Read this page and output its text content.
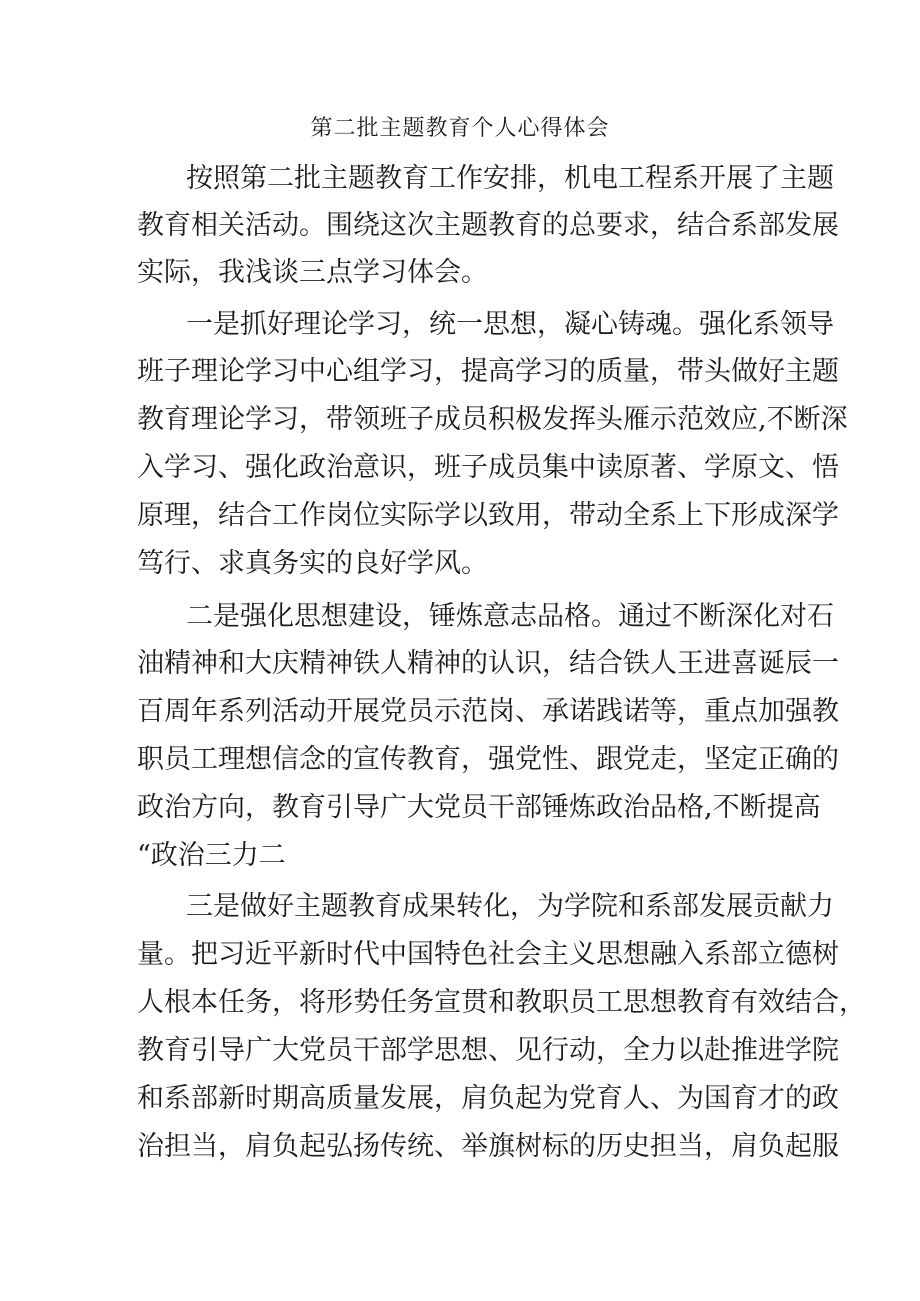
第二批主题教育个人心得体会
按照第二批主题教育工作安排，机电工程系开展了主题
教育相关活动。围绕这次主题教育的总要求，结合系部发展
实际，我浅谈三点学习体会。
一是抓好理论学习，统一思想，凝心铸魂。强化系领导
班子理论学习中心组学习，提高学习的质量，带头做好主题
教育理论学习，带领班子成员积极发挥头雁示范效应,不断深
入学习、强化政治意识，班子成员集中读原著、学原文、悟
原理，结合工作岗位实际学以致用，带动全系上下形成深学
笃行、求真务实的良好学风。
二是强化思想建设，锤炼意志品格。通过不断深化对石
油精神和大庆精神铁人精神的认识，结合铁人王进喜诞辰一
百周年系列活动开展党员示范岗、承诺践诺等，重点加强教
职员工理想信念的宣传教育，强党性、跟党走，坚定正确的
政治方向，教育引导广大党员干部锤炼政治品格,不断提高
“政治三力二
三是做好主题教育成果转化，为学院和系部发展贡献力
量。把习近平新时代中国特色社会主义思想融入系部立德树
人根本任务，将形势任务宣贯和教职员工思想教育有效结合，
教育引导广大党员干部学思想、见行动，全力以赴推进学院
和系部新时期高质量发展，肩负起为党育人、为国育才的政
治担当，肩负起弘扬传统、举旗树标的历史担当，肩负起服
